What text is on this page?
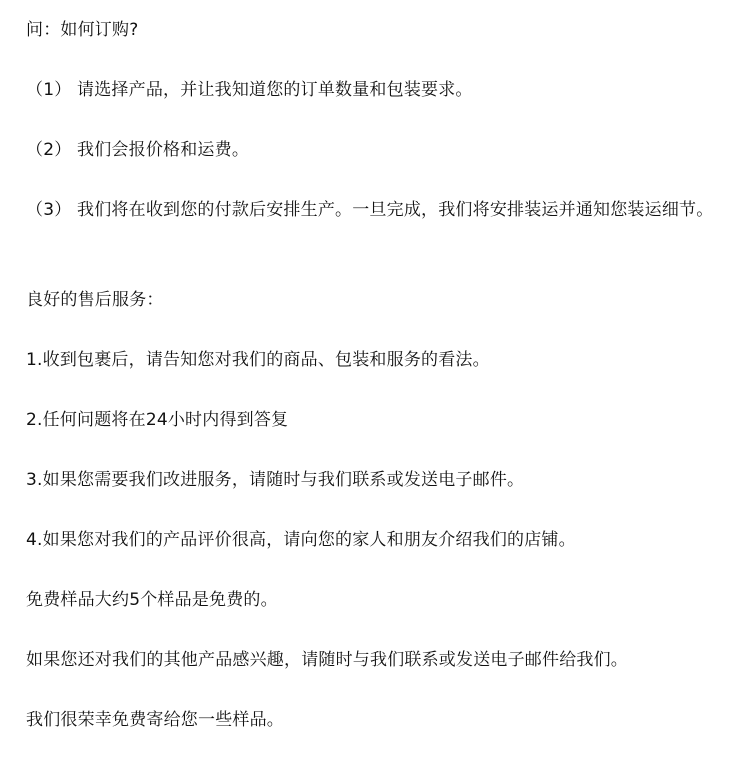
问：如何订购?
（1） 请选择产品，并让我知道您的订单数量和包装要求。
（2） 我们会报价格和运费。
（3） 我们将在收到您的付款后安排生产。一旦完成，我们将安排装运并通知您装运细节。
良好的售后服务：
1.收到包裹后，请告知您对我们的商品、包装和服务的看法。
2.任何问题将在24小时内得到答复
3.如果您需要我们改进服务，请随时与我们联系或发送电子邮件。
4.如果您对我们的产品评价很高，请向您的家人和朋友介绍我们的店铺。
免费样品大约5个样品是免费的。
如果您还对我们的其他产品感兴趣，请随时与我们联系或发送电子邮件给我们。
我们很荣幸免费寄给您一些样品。
